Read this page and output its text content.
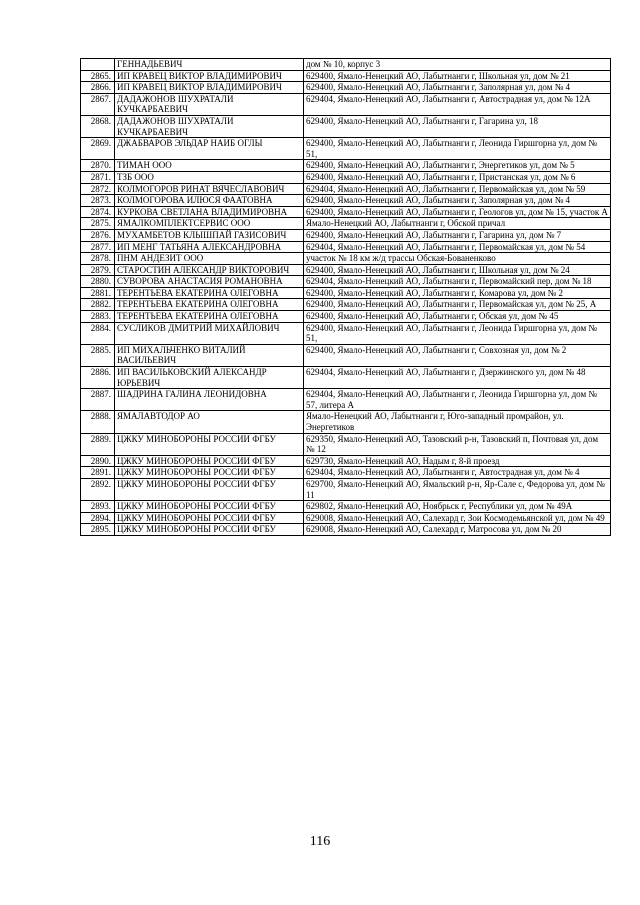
	ГЕННАДЬЕВИЧ	дом № 10, корпус 3
2865.	ИП КРАВЕЦ ВИКТОР ВЛАДИМИРОВИЧ	629400, Ямало-Ненецкий АО, Лабытнанги г, Школьная ул, дом № 21
2866.	ИП КРАВЕЦ ВИКТОР ВЛАДИМИРОВИЧ	629400, Ямало-Ненецкий АО, Лабытнанги г, Заполярная ул, дом № 4
2867.	ДАДАЖОНОВ ШУХРАТАЛИ КУЧКАРБАЕВИЧ	629404, Ямало-Ненецкий АО, Лабытнанги г, Автострадная ул, дом № 12А
2868.	ДАДАЖОНОВ ШУХРАТАЛИ КУЧКАРБАЕВИЧ	629400, Ямало-Ненецкий АО, Лабытнанги г, Гагарина ул, 18
2869.	ДЖАБВАРОВ ЭЛЬДАР НАИБ ОГЛЫ	629400, Ямало-Ненецкий АО, Лабытнанги г, Леонида Гиршгорна ул, дом № 51,
2870.	ТИМАН ООО	629400, Ямало-Ненецкий АО, Лабытнанги г, Энергетиков ул, дом № 5
2871.	ТЗБ ООО	629400, Ямало-Ненецкий АО, Лабытнанги г, Пристанская ул, дом № 6
2872.	КОЛМОГОРОВ РИНАТ ВЯЧЕСЛАВОВИЧ	629404, Ямало-Ненецкий АО, Лабытнанги г, Первомайская ул, дом № 59
2873.	КОЛМОГОРОВА ИЛЮСЯ ФААТОВНА	629400, Ямало-Ненецкий АО, Лабытнанги г, Заполярная ул, дом № 4
2874.	КУРКОВА СВЕТЛАНА ВЛАДИМИРОВНА	629400, Ямало-Ненецкий АО, Лабытнанги г, Геологов ул, дом № 15, участок А
2875.	ЯМАЛКОМПЛЕКТСЕРВИС ООО	Ямало-Ненецкий АО, Лабытнанги г, Обской причал
2876.	МУХАМБЕТОВ КЛЫШПАЙ ГАЗИСОВИЧ	629400, Ямало-Ненецкий АО, Лабытнанги г, Гагарина ул, дом № 7
2877.	ИП МЕНГ ТАТЬЯНА АЛЕКСАНДРОВНА	629404, Ямало-Ненецкий АО, Лабытнанги г, Первомайская ул, дом № 54
2878.	ПНМ АНДЕЗИТ ООО	участок № 18 км ж/д трассы Обская-Бованенково
2879.	СТАРОСТИН АЛЕКСАНДР ВИКТОРОВИЧ	629400, Ямало-Ненецкий АО, Лабытнанги г, Школьная ул, дом № 24
2880.	СУВОРОВА АНАСТАСИЯ РОМАНОВНА	629404, Ямало-Ненецкий АО, Лабытнанги г, Первомайский пер, дом № 18
2881.	ТЕРЕНТЬЕВА ЕКАТЕРИНА ОЛЕГОВНА	629400, Ямало-Ненецкий АО, Лабытнанги г, Комарова ул, дом № 2
2882.	ТЕРЕНТЬЕВА ЕКАТЕРИНА ОЛЕГОВНА	629400, Ямало-Ненецкий АО, Лабытнанги г, Первомайская ул, дом № 25, А
2883.	ТЕРЕНТЬЕВА ЕКАТЕРИНА ОЛЕГОВНА	629400, Ямало-Ненецкий АО, Лабытнанги г, Обская ул, дом № 45
2884.	СУСЛИКОВ ДМИТРИЙ МИХАЙЛОВИЧ	629400, Ямало-Ненецкий АО, Лабытнанги г, Леонида Гиршгорна ул, дом № 51,
2885.	ИП МИХАЛЬЧЕНКО ВИТАЛИЙ ВАСИЛЬЕВИЧ	629400, Ямало-Ненецкий АО, Лабытнанги г, Совхозная ул, дом № 2
2886.	ИП ВАСИЛЬКОВСКИЙ АЛЕКСАНДР ЮРЬЕВИЧ	629404, Ямало-Ненецкий АО, Лабытнанги г, Дзержинского ул, дом № 48
2887.	ШАДРИНА ГАЛИНА ЛЕОНИДОВНА	629404, Ямало-Ненецкий АО, Лабытнанги г, Леонида Гиршгорна ул, дом № 57, литера А
2888.	ЯМАЛАВТОДОР АО	Ямало-Ненецкий АО, Лабытнанги г, Юго-западный промрайон, ул. Энергетиков
2889.	ЦЖКУ МИНОБОРОНЫ РОССИИ ФГБУ	629350, Ямало-Ненецкий АО, Тазовский р-н, Тазовский п, Почтовая ул, дом № 12
2890.	ЦЖКУ МИНОБОРОНЫ РОССИИ ФГБУ	629730, Ямало-Ненецкий АО, Надым г, 8-й проезд
2891.	ЦЖКУ МИНОБОРОНЫ РОССИИ ФГБУ	629404, Ямало-Ненецкий АО, Лабытнанги г, Автострадная ул, дом № 4
2892.	ЦЖКУ МИНОБОРОНЫ РОССИИ ФГБУ	629700, Ямало-Ненецкий АО, Ямальский р-н, Яр-Сале с, Федорова ул, дом № 11
2893.	ЦЖКУ МИНОБОРОНЫ РОССИИ ФГБУ	629802, Ямало-Ненецкий АО, Ноябрьск г, Республики ул, дом № 49А
2894.	ЦЖКУ МИНОБОРОНЫ РОССИИ ФГБУ	629008, Ямало-Ненецкий АО, Салехард г, Зои Космодемьянской ул, дом № 49
2895.	ЦЖКУ МИНОБОРОНЫ РОССИИ ФГБУ	629008, Ямало-Ненецкий АО, Салехард г, Матросова ул, дом № 20
116
